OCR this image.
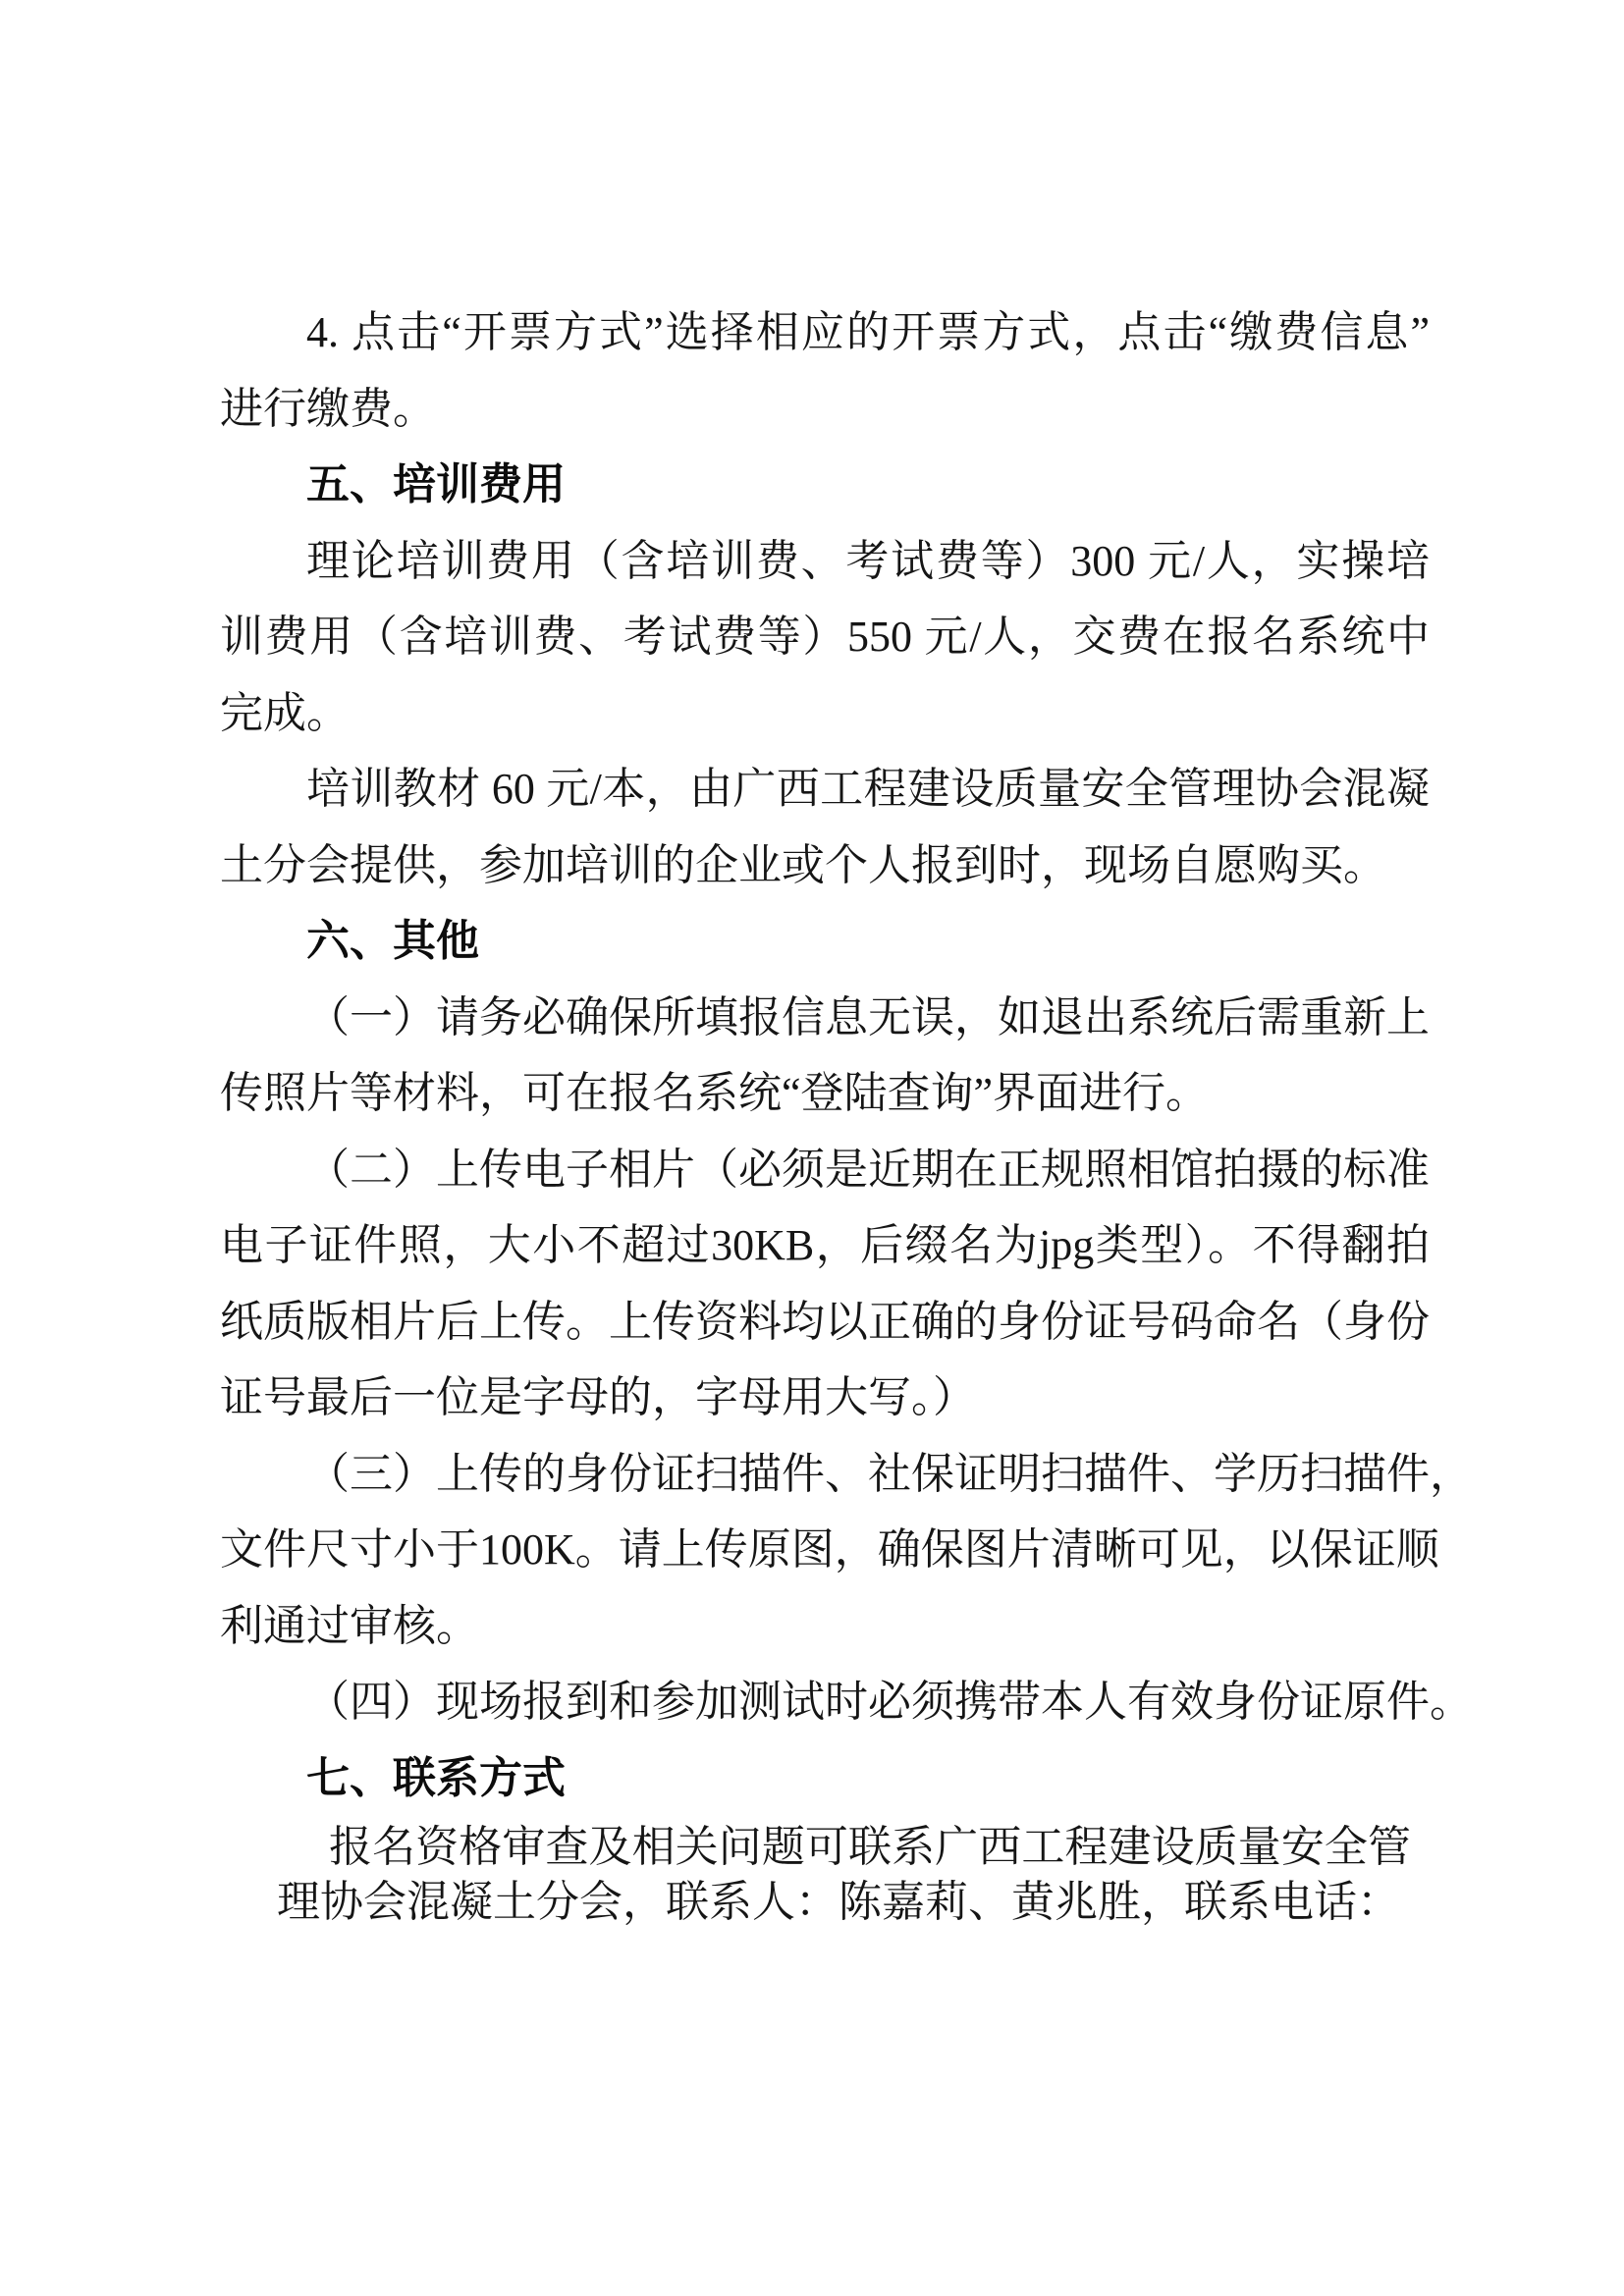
4. 点击“开票方式”选择相应的开票方式，点击“缴费信息”
进行缴费。
五、培训费用
理论培训费用（含培训费、考试费等）300 元/人，实操培
训费用（含培训费、考试费等）550 元/人，交费在报名系统中
完成。
培训教材 60 元/本，由广西工程建设质量安全管理协会混凝
土分会提供，参加培训的企业或个人报到时，现场自愿购买。
六、其他
（一）请务必确保所填报信息无误，如退出系统后需重新上
传照片等材料，可在报名系统“登陆查询”界面进行。
（二）上传电子相片（必须是近期在正规照相馆拍摄的标准
电子证件照，大小不超过30KB，后缀名为jpg类型）。不得翻拍
纸质版相片后上传。上传资料均以正确的身份证号码命名（身份
证号最后一位是字母的，字母用大写。）
（三）上传的身份证扫描件、社保证明扫描件、学历扫描件，
文件尺寸小于100K。请上传原图，确保图片清晰可见，以保证顺
利通过审核。
（四）现场报到和参加测试时必须携带本人有效身份证原件。
七、联系方式
报名资格审查及相关问题可联系广西工程建设质量安全管
理协会混凝土分会，联系人：陈嘉莉、黄兆胜，联系电话：
